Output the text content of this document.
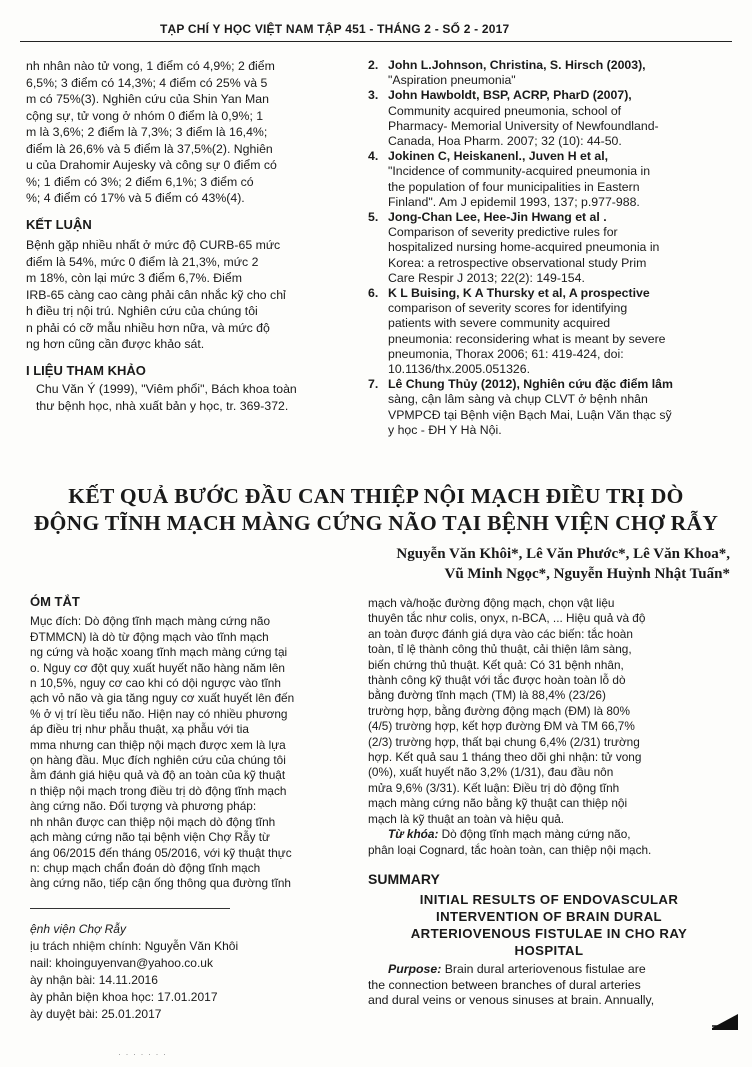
TẠP CHÍ Y HỌC VIỆT NAM TẬP 451 - THÁNG 2 - SỐ 2 - 2017

nh nhân nào tử vong, 1 điểm có 4,9%; 2 điểm

6,5%; 3 điểm có 14,3%; 4 điểm có 25% và 5

m có 75%(3). Nghiên cứu của Shin Yan Man

cộng sự, tử vong ở nhóm 0 điểm là 0,9%; 1

m là 3,6%; 2 điểm là 7,3%; 3 điểm là 16,4%;

điểm là 26,6% và 5 điểm là 37,5%(2). Nghiên

u của Drahomir Aujesky và công sự 0 điểm có

%; 1 điểm có 3%; 2 điểm 6,1%; 3 điểm có

%; 4 điểm có 17% và 5 điểm có 43%(4).

KẾT LUẬN

Bệnh gặp nhiều nhất ở mức độ CURB-65 mức

điểm là 54%, mức 0 điểm là 21,3%, mức 2

m 18%, còn lại mức 3 điểm 6,7%. Điểm

IRB-65 càng cao càng phải cân nhắc kỹ cho chỉ

h điều trị nội trú. Nghiên cứu của chúng tôi

n phải có cỡ mẫu nhiều hơn nữa, và mức độ

ng hơn cũng cần được khảo sát.

I LIỆU THAM KHẢO

Chu Văn Ý (1999), "Viêm phổi", Bách khoa toàn

thư bệnh học, nhà xuất bản y học, tr. 369-372.

2. John L.Johnson, Christina, S. Hirsch (2003),

"Aspiration pneumonia"

3. John Hawboldt, BSP, ACRP, PharD (2007),

Community acquired pneumonia, school of

Pharmacy- Memorial University of Newfoundland-

Canada, Hoa Pharm. 2007; 32 (10): 44-50.

4. Jokinen C, Heiskanenl., Juven H et al,

"Incidence of community-acquired pneumonia in

the population of four municipalities in Eastern

Finland". Am J epidemil 1993, 137; p.977-988.

5. Jong-Chan Lee, Hee-Jin Hwang et al .

Comparison of severity predictive rules for

hospitalized nursing home-acquired pneumonia in

Korea: a retrospective observational study Prim

Care Respir J 2013; 22(2): 149-154.

6. K L Buising, K A Thursky et al, A prospective

comparison of severity scores for identifying

patients with severe community acquired

pneumonia: reconsidering what is meant by severe

pneumonia, Thorax 2006; 61: 419-424, doi:

10.1136/thx.2005.051326.

7. Lê Chung Thủy (2012), Nghiên cứu đặc điểm lâm

sàng, cận lâm sàng và chụp CLVT ở bệnh nhân

VPMPCĐ tại Bệnh viện Bạch Mai, Luận Văn thạc sỹ

y học - ĐH Y Hà Nội.

KẾT QUẢ BƯỚC ĐẦU CAN THIỆP NỘI MẠCH ĐIỀU TRỊ DÒ
ĐỘNG TĨNH MẠCH MÀNG CỨNG NÃO TẠI BỆNH VIỆN CHỢ RẪY
Nguyễn Văn Khôi*, Lê Văn Phước*, Lê Văn Khoa*,
Vũ Minh Ngọc*, Nguyễn Huỳnh Nhật Tuấn*

ÓM TẮT

Mục đích: Dò động tĩnh mạch màng cứng não

ĐTMMCN) là dò từ động mạch vào tĩnh mạch

ng cứng và hoặc xoang tĩnh mạch màng cứng tại

o. Nguy cơ đột quỵ xuất huyết não hàng năm lên

n 10,5%, nguy cơ cao khi có dội ngược vào tĩnh

ạch vỏ não và gia tăng nguy cơ xuất huyết lên đến

% ở vị trí lều tiểu não. Hiện nay có nhiều phương

áp điều trị như phẫu thuật, xạ phẫu với tia

mma nhưng can thiệp nội mạch được xem là lựa

ọn hàng đầu. Mục đích nghiên cứu của chúng tôi

ằm đánh giá hiệu quả và độ an toàn của kỹ thuật

n thiệp nội mạch trong điều trị dò động tĩnh mạch

àng cứng não. Đối tượng và phương pháp:

nh nhân được can thiệp nội mạch dò động tĩnh

ạch màng cứng não tại bệnh viện Chợ Rẫy từ

áng 06/2015 đến tháng 05/2016, với kỹ thuật thực

n: chụp mạch chẩn đoán dò động tĩnh mạch

àng cứng não, tiếp cận ống thông qua đường tĩnh

mạch và/hoặc đường động mạch, chọn vật liệu

thuyên tắc như colis, onyx, n-BCA, ... Hiệu quả và độ

an toàn được đánh giá dựa vào các biến: tắc hoàn

toàn, tỉ lệ thành công thủ thuật, cải thiện lâm sàng,

biến chứng thủ thuật. Kết quả: Có 31 bệnh nhân,

thành công kỹ thuật với tắc được hoàn toàn lỗ dò

bằng đường tĩnh mạch (TM) là 88,4% (23/26)

trường hợp, bằng đường động mạch (ĐM) là 80%

(4/5) trường hợp, kết hợp đường ĐM và TM 66,7%

(2/3) trường hợp, thất bại chung 6,4% (2/31) trường

hợp. Kết quả sau 1 tháng theo dõi ghi nhận: tử vong

(0%), xuất huyết não 3,2% (1/31), đau đầu nôn

mửa 9,6% (3/31). Kết luận: Điều trị dò động tĩnh

mạch màng cứng não bằng kỹ thuật can thiệp nội

mạch là kỹ thuật an toàn và hiệu quả.

Từ khóa: Dò động tĩnh mạch màng cứng não,

phân loại Cognard, tắc hoàn toàn, can thiệp nội mạch.

SUMMARY

INITIAL RESULTS OF ENDOVASCULAR

INTERVENTION OF BRAIN DURAL

ARTERIOVENOUS FISTULAE IN CHO RAY

HOSPITAL

Purpose: Brain dural arteriovenous fistulae are

the connection between branches of dural arteries

and dural veins or venous sinuses at brain. Annually,

ệnh viện Chợ Rẫy

ịu trách nhiệm chính: Nguyễn Văn Khôi

nail: khoinguyenvan@yahoo.co.uk

ày nhận bài: 14.11.2016

ày phản biện khoa học: 17.01.2017

ày duyệt bài: 25.01.2017

· · · · · · ·
